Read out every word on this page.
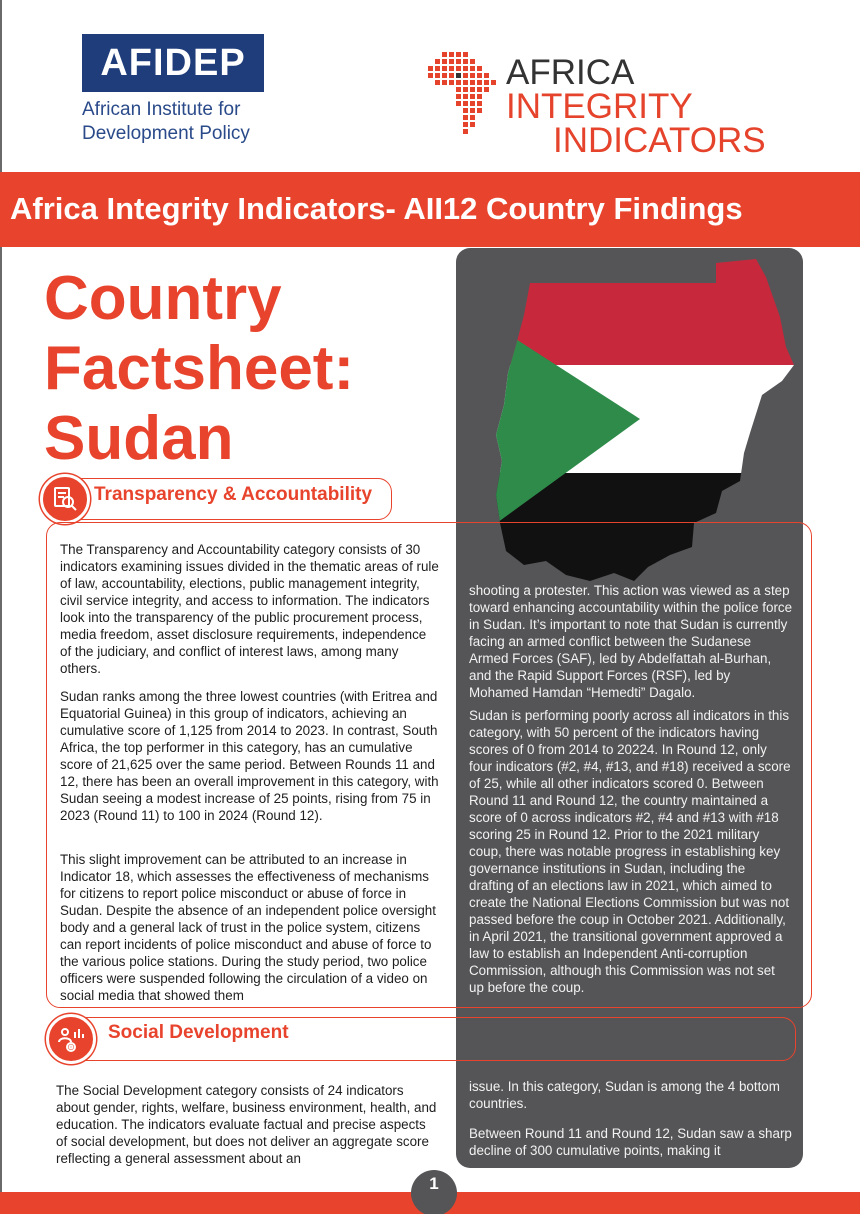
AFIDEP
African Institute for
Development Policy
AFRICA INTEGRITY
INDICATORS
Africa Integrity Indicators- AII12 Country Findings
Country
Factsheet:
Sudan
Transparency & Accountability

The Transparency and Accountability category consists of 30 indicators examining issues divided in the thematic areas of rule of law, accountability, elections, public management integrity, civil service integrity, and access to information. The indicators look into the transparency of the public procurement process, media freedom, asset disclosure requirements, independence of the judiciary, and conflict of interest laws, among many others.

Sudan ranks among the three lowest countries (with Eritrea and Equatorial Guinea) in this group of indicators, achieving an cumulative score of 1,125 from 2014 to 2023. In contrast, South Africa, the top performer in this category, has an cumulative score of 21,625 over the same period. Between Rounds 11 and 12, there has been an overall improvement in this category, with Sudan seeing a modest increase of 25 points, rising from 75 in 2023 (Round 11) to 100 in 2024 (Round 12).

This slight improvement can be attributed to an increase in Indicator 18, which assesses the effectiveness of mechanisms for citizens to report police misconduct or abuse of force in Sudan. Despite the absence of an independent police oversight body and a general lack of trust in the police system, citizens can report incidents of police misconduct and abuse of force to the various police stations. During the study period, two police officers were suspended following the circulation of a video on social media that showed them

shooting a protester. This action was viewed as a step toward enhancing accountability within the police force in Sudan. It’s important to note that Sudan is currently facing an armed conflict between the Sudanese Armed Forces (SAF), led by Abdelfattah al-Burhan, and the Rapid Support Forces (RSF), led by Mohamed Hamdan “Hemedti” Dagalo.

Sudan is performing poorly across all indicators in this category, with 50 percent of the indicators having scores of 0 from 2014 to 20224. In Round 12, only four indicators (#2, #4, #13, and #18) received a score of 25, while all other indicators scored 0. Between Round 11 and Round 12, the country maintained a score of 0 across indicators #2, #4 and #13 with #18 scoring 25 in Round 12. Prior to the 2021 military coup, there was notable progress in establishing key governance institutions in Sudan, including the drafting of an elections law in 2021, which aimed to create the National Elections Commission but was not passed before the coup in October 2021. Additionally, in April 2021, the transitional government approved a law to establish an Independent Anti-corruption Commission, although this Commission was not set up before the coup.

Social Development

The Social Development category consists of 24 indicators about gender, rights, welfare, business environment, health, and education. The indicators evaluate factual and precise aspects of social development, but does not deliver an aggregate score reflecting a general assessment about an

issue. In this category, Sudan is among the 4 bottom countries.

Between Round 11 and Round 12, Sudan saw a sharp decline of 300 cumulative points, making it

1
